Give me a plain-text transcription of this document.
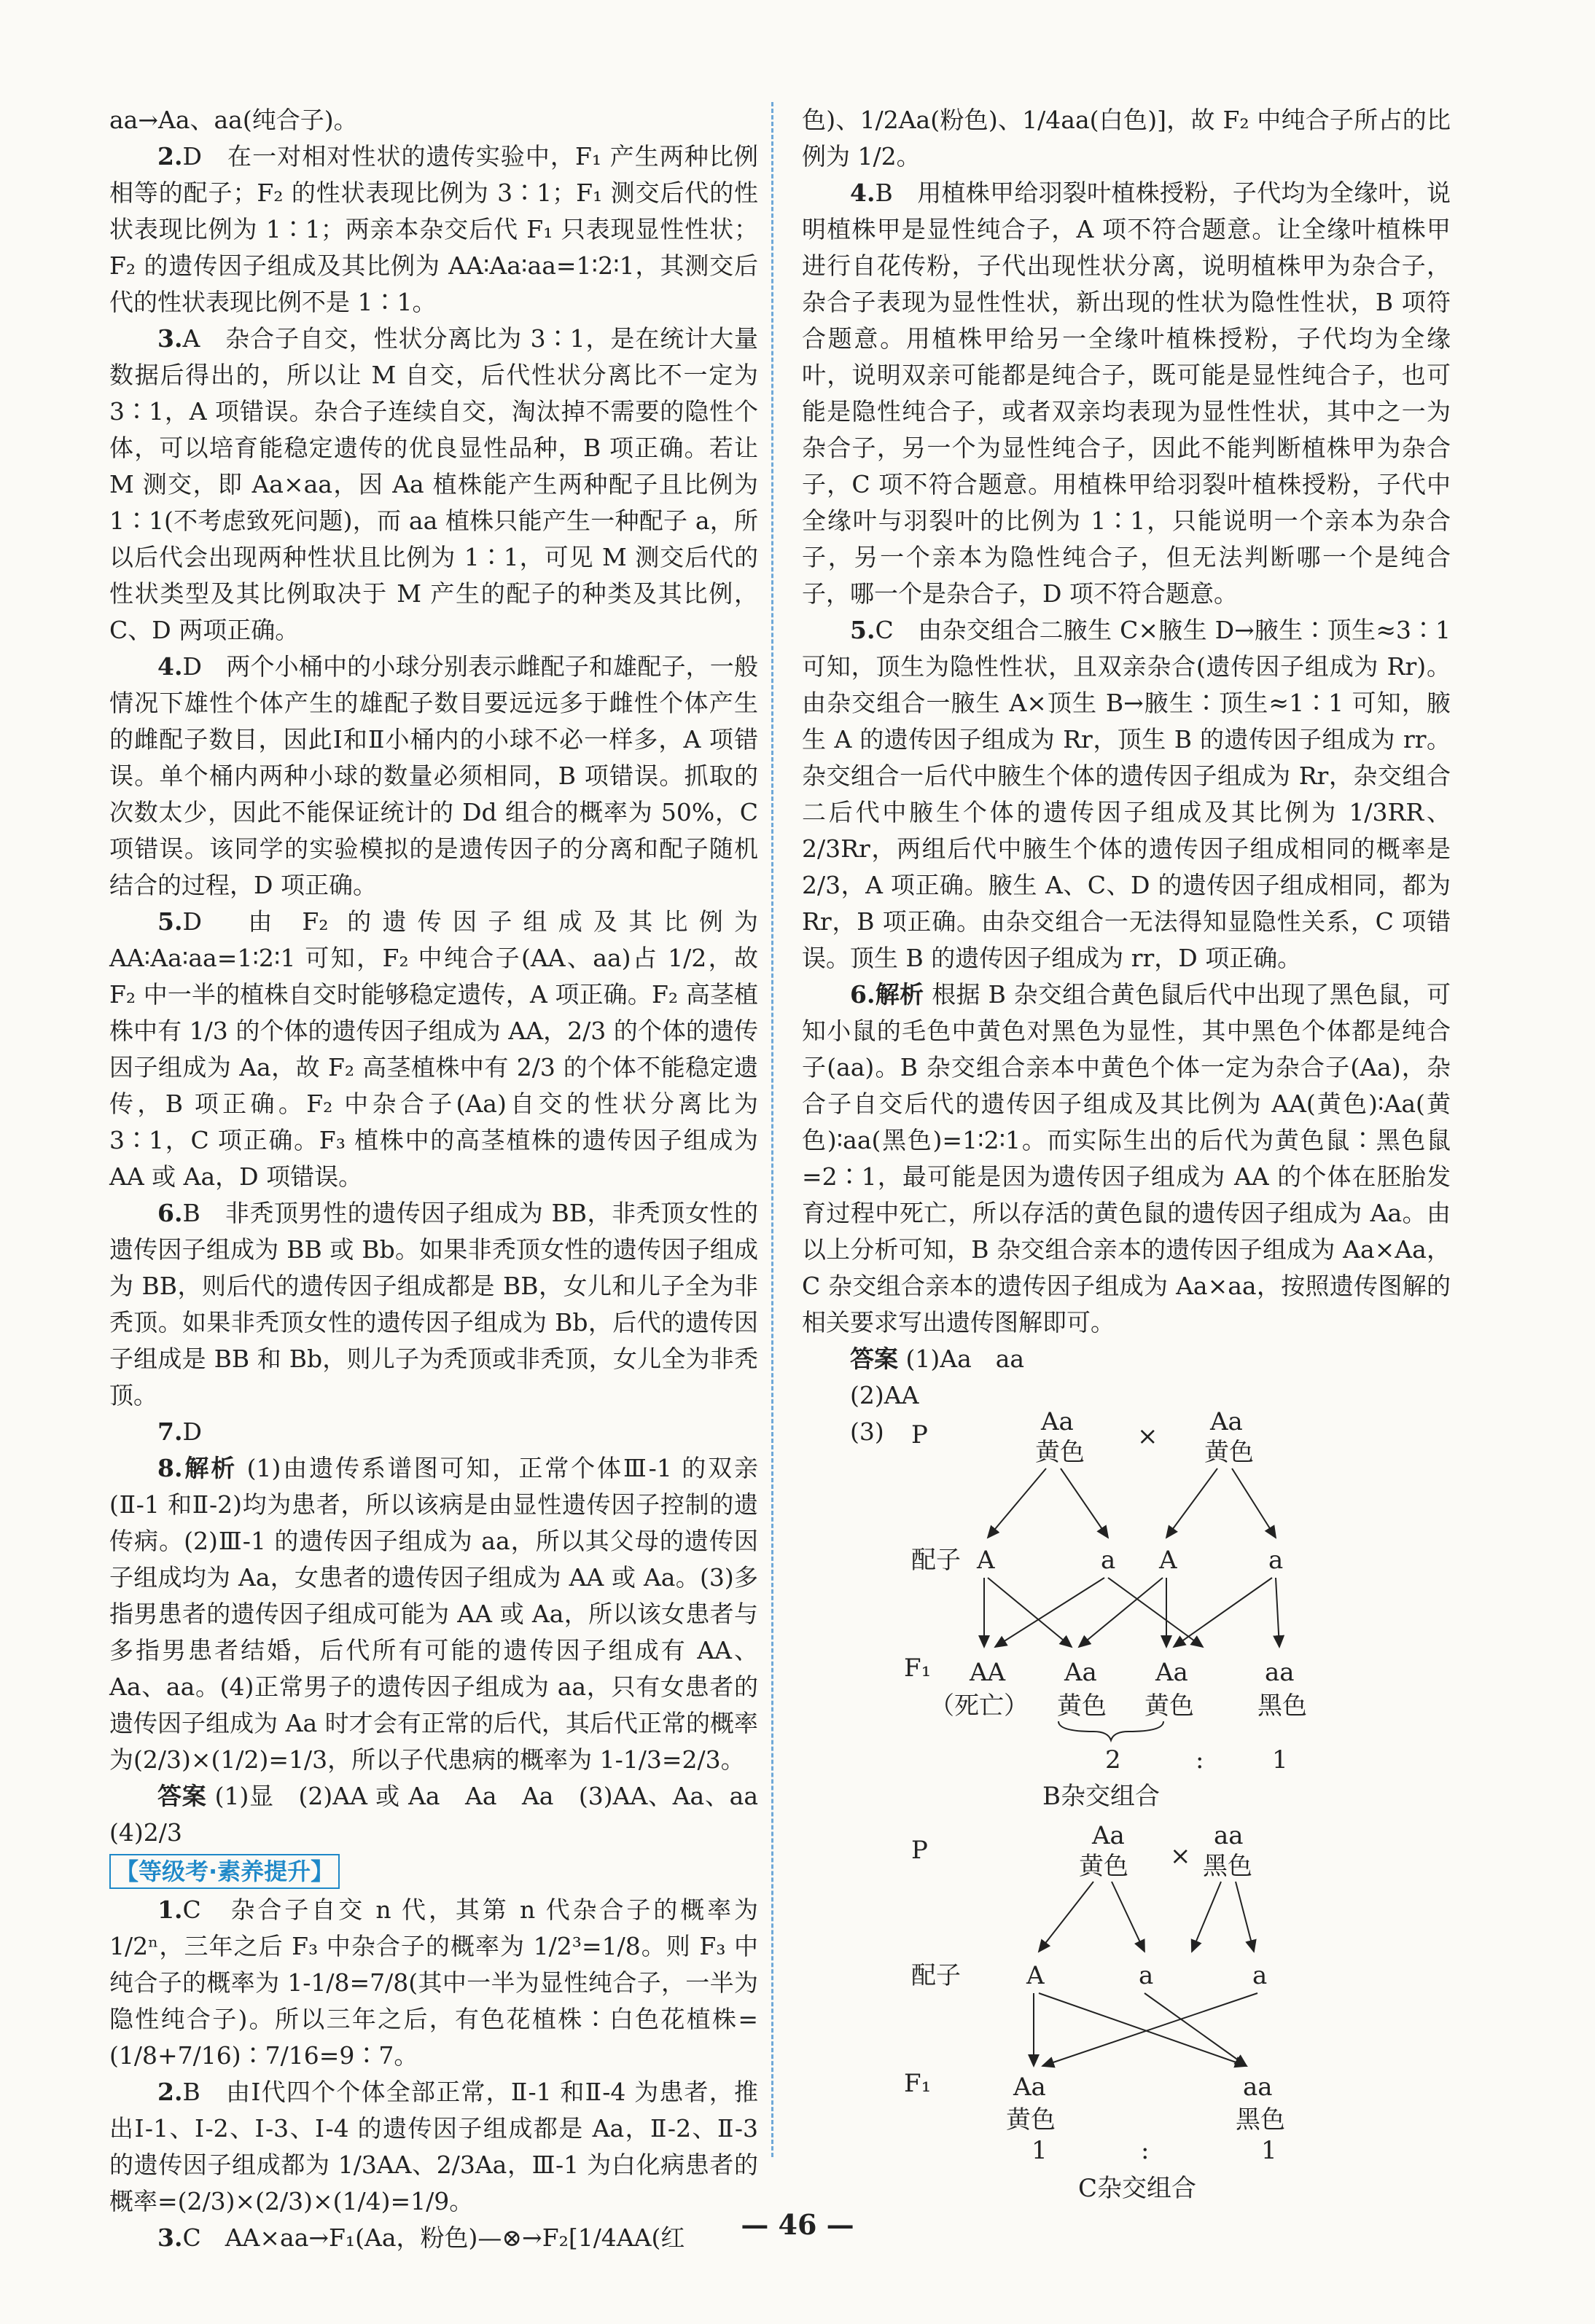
aa→Aa、aa(纯合子)。

2.D　在一对相对性状的遗传实验中，F₁ 产生两种比例相等的配子；F₂ 的性状表现比例为 3∶1；F₁ 测交后代的性状表现比例为 1∶1；两亲本杂交后代 F₁ 只表现显性性状；F₂ 的遗传因子组成及其比例为 AA∶Aa∶aa=1∶2∶1，其测交后代的性状表现比例不是 1∶1。

3.A　杂合子自交，性状分离比为 3∶1，是在统计大量数据后得出的，所以让 M 自交，后代性状分离比不一定为 3∶1，A 项错误。杂合子连续自交，淘汰掉不需要的隐性个体，可以培育能稳定遗传的优良显性品种，B 项正确。若让 M 测交，即 Aa×aa，因 Aa 植株能产生两种配子且比例为 1∶1(不考虑致死问题)，而 aa 植株只能产生一种配子 a，所以后代会出现两种性状且比例为 1∶1，可见 M 测交后代的性状类型及其比例取决于 M 产生的配子的种类及其比例，C、D 两项正确。

4.D　两个小桶中的小球分别表示雌配子和雄配子，一般情况下雄性个体产生的雄配子数目要远远多于雌性个体产生的雌配子数目，因此Ⅰ和Ⅱ小桶内的小球不必一样多，A 项错误。单个桶内两种小球的数量必须相同，B 项错误。抓取的次数太少，因此不能保证统计的 Dd 组合的概率为 50%，C 项错误。该同学的实验模拟的是遗传因子的分离和配子随机结合的过程，D 项正确。

5.D　由 F₂ 的遗传因子组成及其比例为 AA∶Aa∶aa=1∶2∶1 可知，F₂ 中纯合子(AA、aa)占 1/2，故 F₂ 中一半的植株自交时能够稳定遗传，A 项正确。F₂ 高茎植株中有 1/3 的个体的遗传因子组成为 AA，2/3 的个体的遗传因子组成为 Aa，故 F₂ 高茎植株中有 2/3 的个体不能稳定遗传，B 项正确。F₂ 中杂合子(Aa)自交的性状分离比为 3∶1，C 项正确。F₃ 植株中的高茎植株的遗传因子组成为 AA 或 Aa，D 项错误。

6.B　非秃顶男性的遗传因子组成为 BB，非秃顶女性的遗传因子组成为 BB 或 Bb。如果非秃顶女性的遗传因子组成为 BB，则后代的遗传因子组成都是 BB，女儿和儿子全为非秃顶。如果非秃顶女性的遗传因子组成为 Bb，后代的遗传因子组成是 BB 和 Bb，则儿子为秃顶或非秃顶，女儿全为非秃顶。

7.D

8.解析 (1)由遗传系谱图可知，正常个体Ⅲ-1 的双亲(Ⅱ-1 和Ⅱ-2)均为患者，所以该病是由显性遗传因子控制的遗传病。(2)Ⅲ-1 的遗传因子组成为 aa，所以其父母的遗传因子组成均为 Aa，女患者的遗传因子组成为 AA 或 Aa。(3)多指男患者的遗传因子组成可能为 AA 或 Aa，所以该女患者与多指男患者结婚，后代所有可能的遗传因子组成有 AA、Aa、aa。(4)正常男子的遗传因子组成为 aa，只有女患者的遗传因子组成为 Aa 时才会有正常的后代，其后代正常的概率为(2/3)×(1/2)=1/3，所以子代患病的概率为 1-1/3=2/3。

答案 (1)显　(2)AA 或 Aa　Aa　Aa　(3)AA、Aa、aa　(4)2/3

【等级考·素养提升】

1.C　杂合子自交 n 代，其第 n 代杂合子的概率为 1/2ⁿ，三年之后 F₃ 中杂合子的概率为 1/2³=1/8。则 F₃ 中纯合子的概率为 1-1/8=7/8(其中一半为显性纯合子，一半为隐性纯合子)。所以三年之后，有色花植株∶白色花植株=(1/8+7/16)∶7/16=9∶7。

2.B　由Ⅰ代四个个体全部正常，Ⅱ-1 和Ⅱ-4 为患者，推出Ⅰ-1、Ⅰ-2、Ⅰ-3、Ⅰ-4 的遗传因子组成都是 Aa，Ⅱ-2、Ⅱ-3 的遗传因子组成都为 1/3AA、2/3Aa，Ⅲ-1 为白化病患者的概率=(2/3)×(2/3)×(1/4)=1/9。

3.C　AA×aa→F₁(Aa，粉色)—⊗→F₂[1/4AA(红

色)、1/2Aa(粉色)、1/4aa(白色)]，故 F₂ 中纯合子所占的比例为 1/2。

4.B　用植株甲给羽裂叶植株授粉，子代均为全缘叶，说明植株甲是显性纯合子，A 项不符合题意。让全缘叶植株甲进行自花传粉，子代出现性状分离，说明植株甲为杂合子，杂合子表现为显性性状，新出现的性状为隐性性状，B 项符合题意。用植株甲给另一全缘叶植株授粉，子代均为全缘叶，说明双亲可能都是纯合子，既可能是显性纯合子，也可能是隐性纯合子，或者双亲均表现为显性性状，其中之一为杂合子，另一个为显性纯合子，因此不能判断植株甲为杂合子，C 项不符合题意。用植株甲给羽裂叶植株授粉，子代中全缘叶与羽裂叶的比例为 1∶1，只能说明一个亲本为杂合子，另一个亲本为隐性纯合子，但无法判断哪一个是纯合子，哪一个是杂合子，D 项不符合题意。

5.C　由杂交组合二腋生 C×腋生 D→腋生∶顶生≈3∶1 可知，顶生为隐性性状，且双亲杂合(遗传因子组成为 Rr)。由杂交组合一腋生 A×顶生 B→腋生∶顶生≈1∶1 可知，腋生 A 的遗传因子组成为 Rr，顶生 B 的遗传因子组成为 rr。杂交组合一后代中腋生个体的遗传因子组成为 Rr，杂交组合二后代中腋生个体的遗传因子组成及其比例为 1/3RR、2/3Rr，两组后代中腋生个体的遗传因子组成相同的概率是 2/3，A 项正确。腋生 A、C、D 的遗传因子组成相同，都为 Rr，B 项正确。由杂交组合一无法得知显隐性关系，C 项错误。顶生 B 的遗传因子组成为 rr，D 项正确。

6.解析 根据 B 杂交组合黄色鼠后代中出现了黑色鼠，可知小鼠的毛色中黄色对黑色为显性，其中黑色个体都是纯合子(aa)。B 杂交组合亲本中黄色个体一定为杂合子(Aa)，杂合子自交后代的遗传因子组成及其比例为 AA(黄色)∶Aa(黄色)∶aa(黑色)=1∶2∶1。而实际生出的后代为黄色鼠∶黑色鼠=2∶1，最可能是因为遗传因子组成为 AA 的个体在胚胎发育过程中死亡，所以存活的黄色鼠的遗传因子组成为 Aa。由以上分析可知，B 杂交组合亲本的遗传因子组成为 Aa×Aa，C 杂交组合亲本的遗传因子组成为 Aa×aa，按照遗传图解的相关要求写出遗传图解即可。

答案 (1)Aa　aa

(2)AA

(3)	P	Aa
黄色
× Aa
黄色
配子 A	a A	a
F₁ AA Aa Aa	aa
（死亡） 黄色 黄色	黑色
2	:	1
B杂交组合
P	Aa
黄色 ×
aa
黑色
配子	A	a	a
F₁	Aa	aa
黄色	黑色
1	:	1
C杂交组合
— 46 —
